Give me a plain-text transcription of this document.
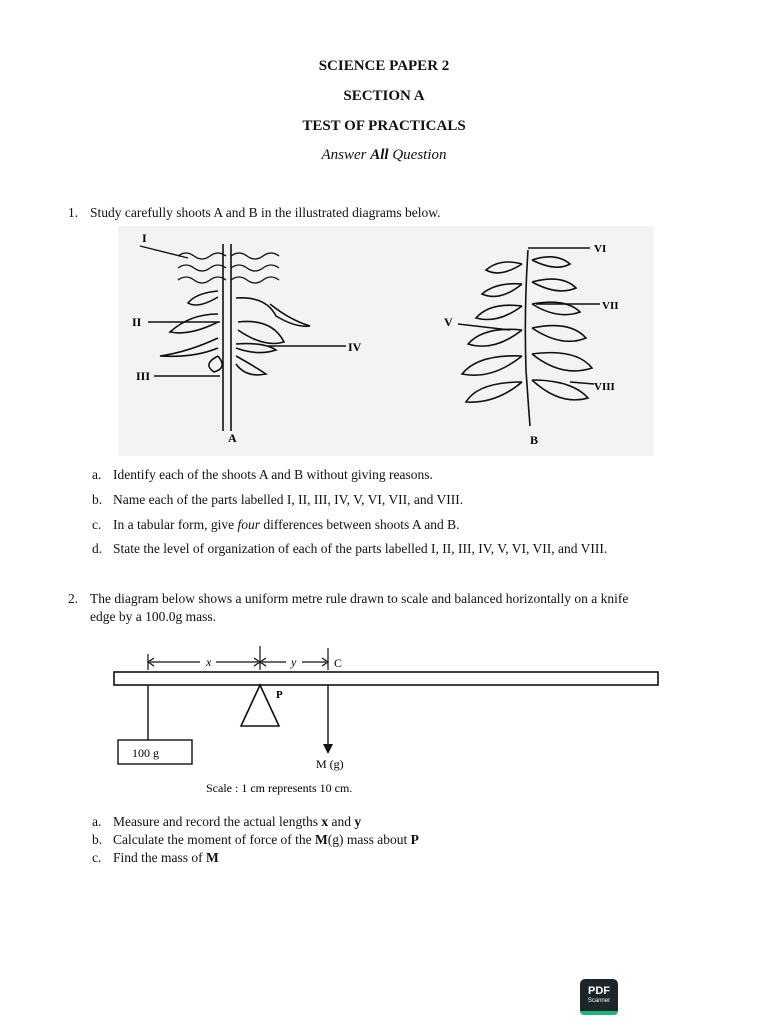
SCIENCE PAPER 2
SECTION A
TEST OF PRACTICALS
Answer All Question
1. Study carefully shoots A and B in the illustrated diagrams below.
I
II
III
IV
A
VI
VII
V
VIII
B
a. Identify each of the shoots A and B without giving reasons.
b. Name each of the parts labelled I, II, III, IV, V, VI, VII, and VIII.
c. In a tabular form, give four differences between shoots A and B.
d. State the level of organization of each of the parts labelled I, II, III, IV, V, VI, VII, and VIII.
2. The diagram below shows a uniform metre rule drawn to scale and balanced horizontally on a knife
edge by a 100.0g mass.
x	y	C
P
100 g
M (g)
Scale : 1 cm represents 10 cm.
a. Measure and record the actual lengths x and y
b. Calculate the moment of force of the M(g) mass about P
c. Find the mass of M
PDF
Scanner
